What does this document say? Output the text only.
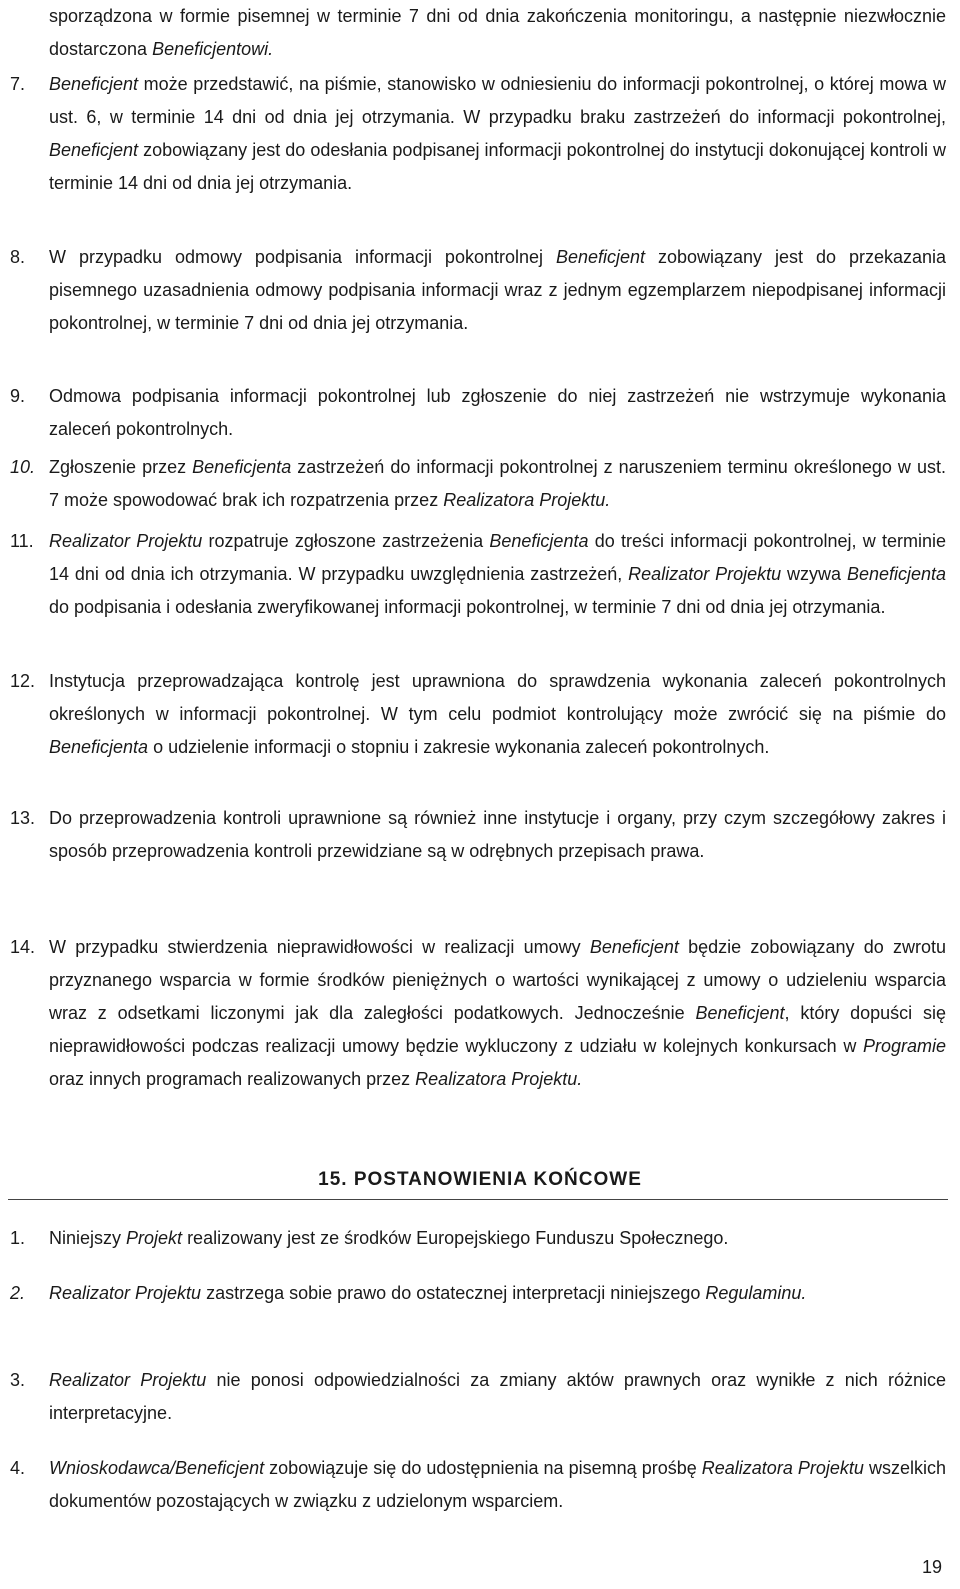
sporządzona w formie pisemnej w terminie 7 dni od dnia zakończenia monitoringu, a następnie niezwłocznie dostarczona Beneficjentowi.
7.	Beneficjent może przedstawić, na piśmie, stanowisko w odniesieniu do informacji pokontrolnej, o której mowa w ust. 6, w terminie 14 dni od dnia jej otrzymania. W przypadku braku zastrzeżeń do informacji pokontrolnej, Beneficjent zobowiązany jest do odesłania podpisanej informacji pokontrolnej do instytucji dokonującej kontroli w terminie 14 dni od dnia jej otrzymania.
8.	W przypadku odmowy podpisania informacji pokontrolnej Beneficjent zobowiązany jest do przekazania pisemnego uzasadnienia odmowy podpisania informacji wraz z jednym egzemplarzem niepodpisanej informacji pokontrolnej, w terminie 7 dni od dnia jej otrzymania.
9.	Odmowa podpisania informacji pokontrolnej lub zgłoszenie do niej zastrzeżeń nie wstrzymuje wykonania zaleceń pokontrolnych.
10. Zgłoszenie przez Beneficjenta zastrzeżeń do informacji pokontrolnej z naruszeniem terminu określonego w ust. 7 może spowodować brak ich rozpatrzenia przez Realizatora Projektu.
11. Realizator Projektu rozpatruje zgłoszone zastrzeżenia Beneficjenta do treści informacji pokontrolnej, w terminie 14 dni od dnia ich otrzymania. W przypadku uwzględnienia zastrzeżeń, Realizator Projektu wzywa Beneficjenta do podpisania i odesłania zweryfikowanej informacji pokontrolnej, w terminie 7 dni od dnia jej otrzymania.
12. Instytucja przeprowadzająca kontrolę jest uprawniona do sprawdzenia wykonania zaleceń pokontrolnych określonych w informacji pokontrolnej. W tym celu podmiot kontrolujący może zwrócić się na piśmie do Beneficjenta o udzielenie informacji o stopniu i zakresie wykonania zaleceń pokontrolnych.
13. Do przeprowadzenia kontroli uprawnione są również inne instytucje i organy, przy czym szczegółowy zakres i sposób przeprowadzenia kontroli przewidziane są w odrębnych przepisach prawa.
14. W przypadku stwierdzenia nieprawidłowości w realizacji umowy Beneficjent będzie zobowiązany do zwrotu przyznanego wsparcia w formie środków pieniężnych o wartości wynikającej z umowy o udzieleniu wsparcia wraz z odsetkami liczonymi jak dla zaległości podatkowych. Jednocześnie Beneficjent, który dopuści się nieprawidłowości podczas realizacji umowy będzie wykluczony z udziału w kolejnych konkursach w Programie oraz innych programach realizowanych przez Realizatora Projektu.
15. POSTANOWIENIA KOŃCOWE
1.	Niniejszy Projekt realizowany jest ze środków Europejskiego Funduszu Społecznego.
2.	Realizator Projektu zastrzega sobie prawo do ostatecznej interpretacji niniejszego Regulaminu.
3.	Realizator Projektu nie ponosi odpowiedzialności za zmiany aktów prawnych oraz wynikłe z nich różnice interpretacyjne.
4.	Wnioskodawca/Beneficjent zobowiązuje się do udostępnienia na pisemną prośbę Realizatora Projektu wszelkich dokumentów pozostających w związku z udzielonym wsparciem.
19
